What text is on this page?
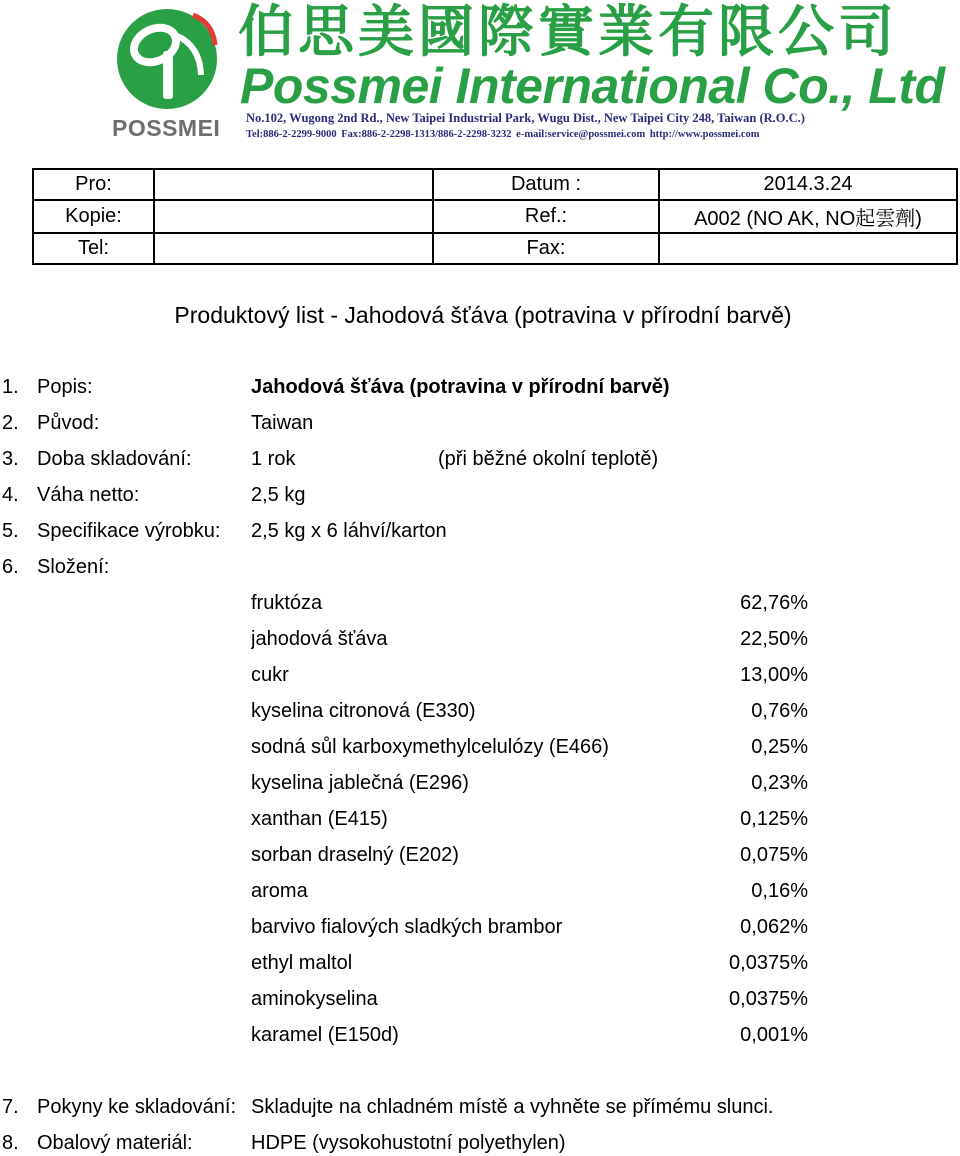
POSSMEI
伯思美國際實業有限公司
Possmei International Co., Ltd
No.102, Wugong 2nd Rd., New Taipei Industrial Park, Wugu Dist., New Taipei City 248, Taiwan (R.O.C.)
Tel:886-2-2299-9000 Fax:886-2-2298-1313/886-2-2298-3232 e-mail:service@possmei.com http://www.possmei.com
Pro:		Datum :	2014.3.24
Kopie:		Ref.:	A002 (NO AK, NO起雲劑)
Tel:		Fax:	
Produktový list - Jahodová šťáva (potravina v přírodní barvě)
1. Popis:	Jahodová šťáva (potravina v přírodní barvě)
2. Původ:	Taiwan
3. Doba skladování:	1 rok	(při běžné okolní teplotě)
4. Váha netto:	2,5 kg
5. Specifikace výrobku:	2,5 kg x 6 láhví/karton
6. Složení:
fruktóza	62,76%
jahodová šťáva	22,50%
cukr	13,00%
kyselina citronová (E330)	0,76%
sodná sůl karboxymethylcelulózy (E466)	0,25%
kyselina jablečná (E296)	0,23%
xanthan (E415)	0,125%
sorban draselný (E202)	0,075%
aroma	0,16%
barvivo fialových sladkých brambor	0,062%
ethyl maltol	0,0375%
aminokyselina	0,0375%
karamel (E150d)	0,001%
7. Pokyny ke skladování: Skladujte na chladném místě a vyhněte se přímému slunci.
8. Obalový materiál:	HDPE (vysokohustotní polyethylen)
